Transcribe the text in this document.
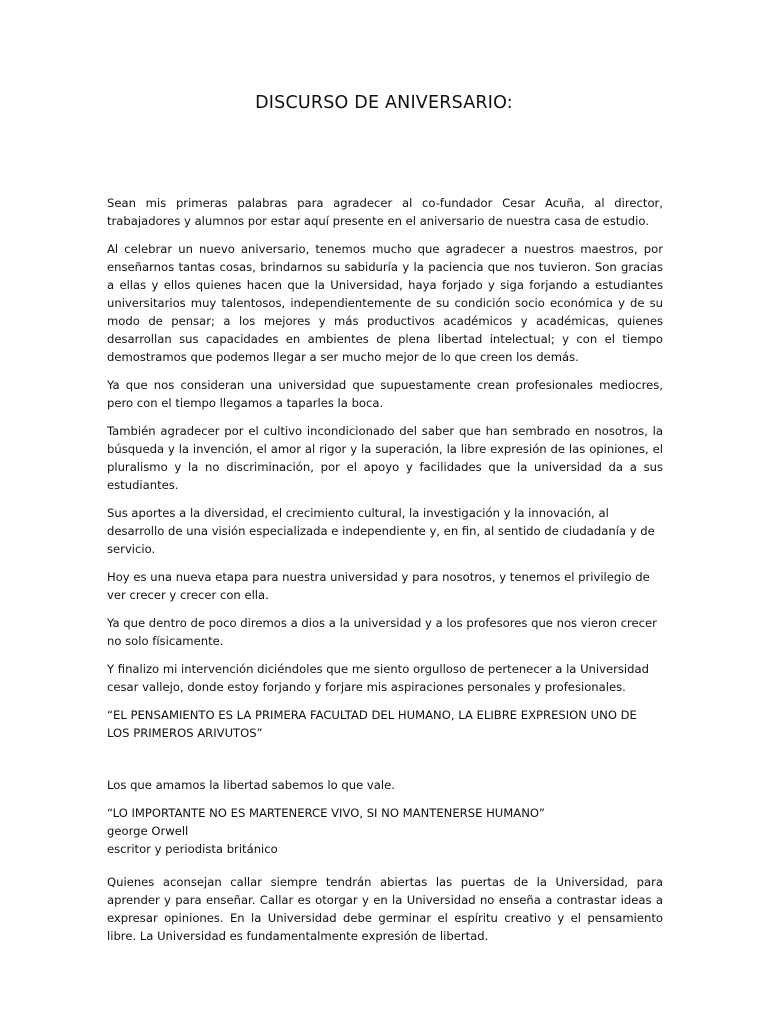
DISCURSO DE ANIVERSARIO:

Sean mis primeras palabras para agradecer al co-fundador Cesar Acuña, al director, trabajadores y alumnos por estar aquí presente en el aniversario de nuestra casa de estudio.

Al celebrar un nuevo aniversario, tenemos mucho que agradecer a nuestros maestros, por enseñarnos tantas cosas, brindarnos su sabiduría y la paciencia que nos tuvieron. Son gracias a ellas y ellos quienes hacen que la Universidad, haya forjado y siga forjando a estudiantes universitarios muy talentosos, independientemente de su condición socio económica y de su modo de pensar; a los mejores y más productivos académicos y académicas, quienes desarrollan sus capacidades en ambientes de plena libertad intelectual; y con el tiempo demostramos que podemos llegar a ser mucho mejor de lo que creen los demás.

Ya que nos consideran una universidad que supuestamente crean profesionales mediocres, pero con el tiempo llegamos a taparles la boca.

También agradecer por el cultivo incondicionado del saber que han sembrado en nosotros, la búsqueda y la invención, el amor al rigor y la superación, la libre expresión de las opiniones, el pluralismo y la no discriminación, por el apoyo y facilidades que la universidad da a sus estudiantes.

Sus aportes a la diversidad, el crecimiento cultural, la investigación y la innovación, al desarrollo de una visión especializada e independiente y, en fin, al sentido de ciudadanía y de servicio.

Hoy es una nueva etapa para nuestra universidad y para nosotros, y tenemos el privilegio de ver crecer y crecer con ella.

Ya que dentro de poco diremos a dios a la universidad y a los profesores que nos vieron crecer no solo físicamente.

Y finalizo mi intervención diciéndoles que me siento orgulloso de pertenecer a la Universidad cesar vallejo, donde estoy forjando y forjare mis aspiraciones personales y profesionales.

“EL PENSAMIENTO ES LA PRIMERA FACULTAD DEL HUMANO, LA ELIBRE EXPRESION UNO DE LOS PRIMEROS ARIVUTOS”

Los que amamos la libertad sabemos lo que vale.

“LO IMPORTANTE NO ES MARTENERCE VIVO, SI NO MANTENERSE HUMANO”
george Orwell
escritor y periodista británico

Quienes aconsejan callar siempre tendrán abiertas las puertas de la Universidad, para aprender y para enseñar. Callar es otorgar y en la Universidad no enseña a contrastar ideas a expresar opiniones. En la Universidad debe germinar el espíritu creativo y el pensamiento libre. La Universidad es fundamentalmente expresión de libertad.
